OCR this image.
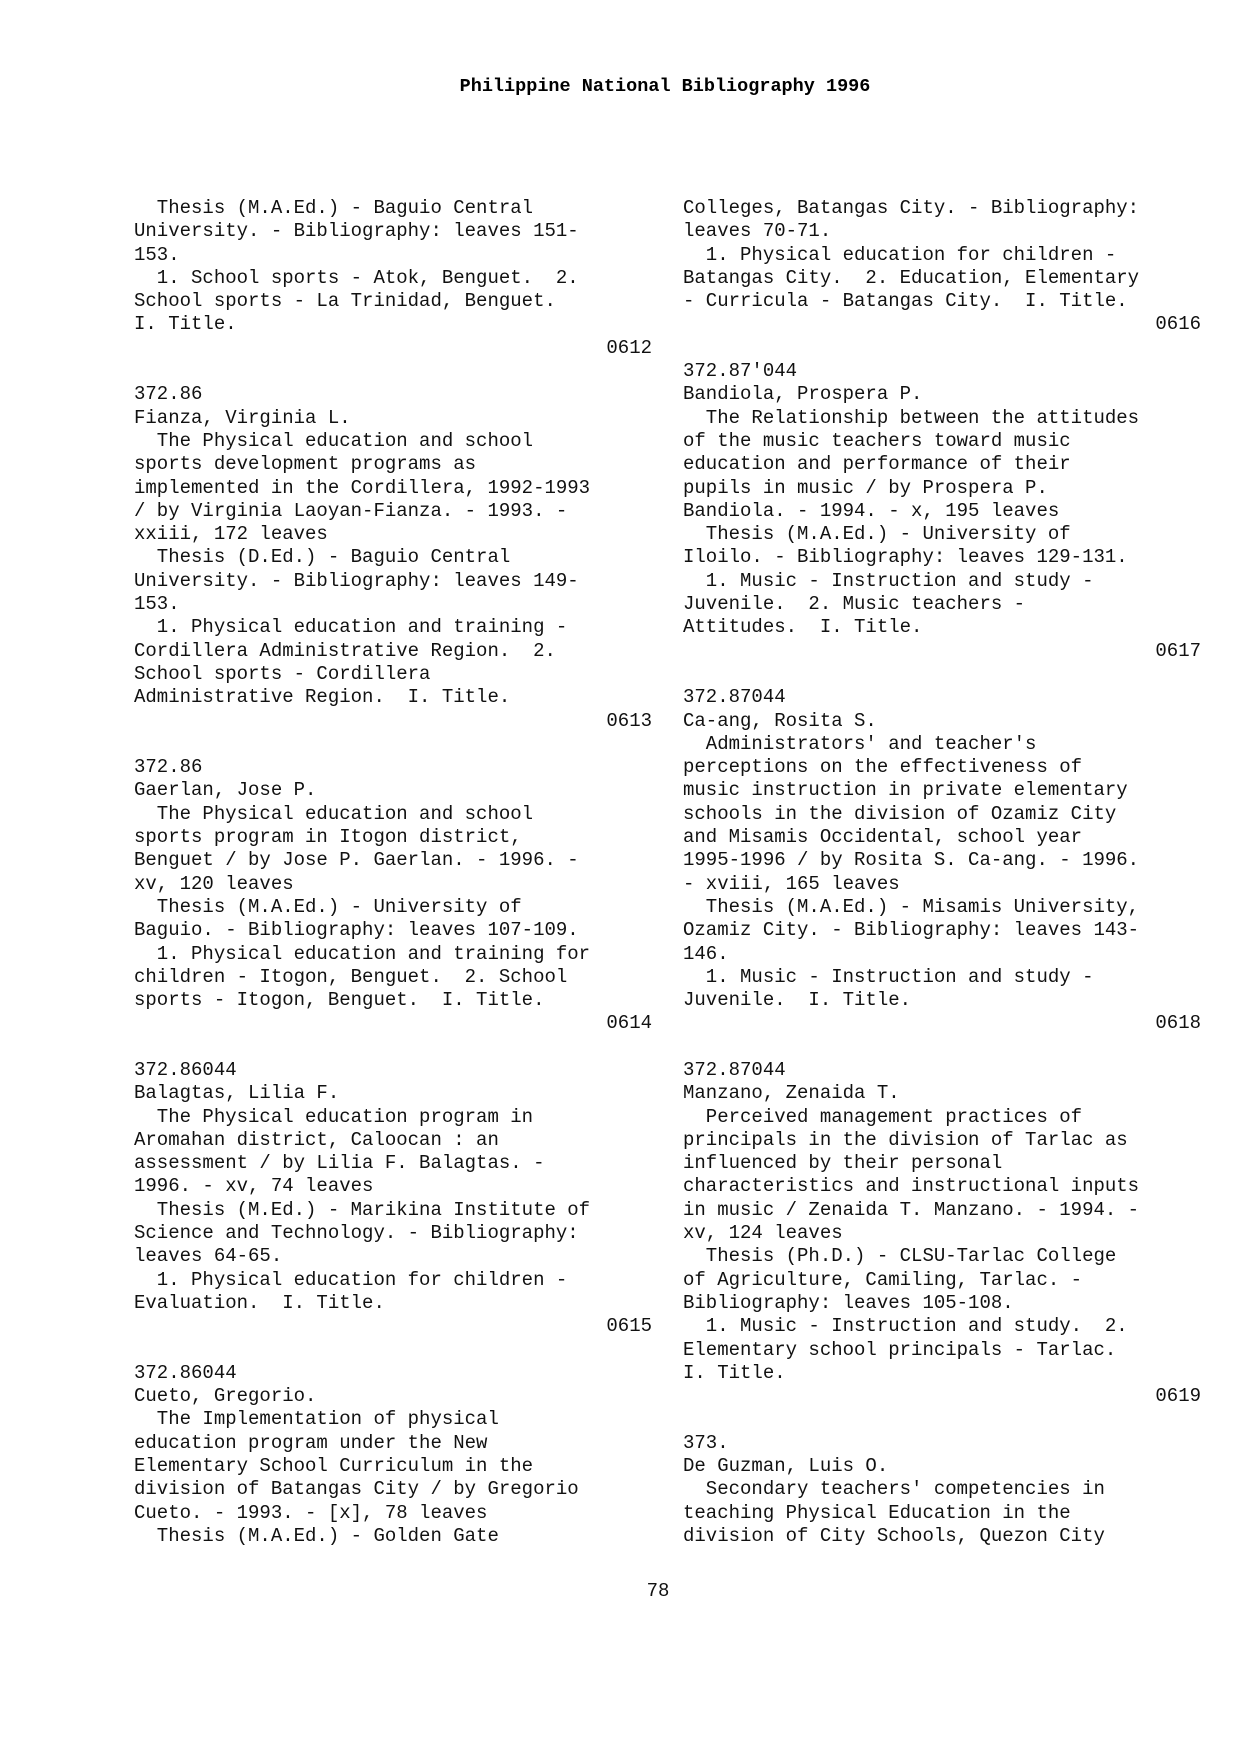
Philippine National Bibliography 1996
Thesis (M.A.Ed.) - Baguio Central
University. - Bibliography: leaves 151-
153.
1. School sports - Atok, Benguet.  2.
School sports - La Trinidad, Benguet.
I. Title.
0612
372.86
Fianza, Virginia L.
The Physical education and school
sports development programs as
implemented in the Cordillera, 1992-1993
/ by Virginia Laoyan-Fianza. - 1993. -
xxiii, 172 leaves
Thesis (D.Ed.) - Baguio Central
University. - Bibliography: leaves 149-
153.
1. Physical education and training -
Cordillera Administrative Region.  2.
School sports - Cordillera
Administrative Region.  I. Title.
0613
372.86
Gaerlan, Jose P.
The Physical education and school
sports program in Itogon district,
Benguet / by Jose P. Gaerlan. - 1996. -
xv, 120 leaves
Thesis (M.A.Ed.) - University of
Baguio. - Bibliography: leaves 107-109.
1. Physical education and training for
children - Itogon, Benguet.  2. School
sports - Itogon, Benguet.  I. Title.
0614
372.86044
Balagtas, Lilia F.
The Physical education program in
Aromahan district, Caloocan : an
assessment / by Lilia F. Balagtas. -
1996. - xv, 74 leaves
Thesis (M.Ed.) - Marikina Institute of
Science and Technology. - Bibliography:
leaves 64-65.
1. Physical education for children -
Evaluation.  I. Title.
0615
372.86044
Cueto, Gregorio.
The Implementation of physical
education program under the New
Elementary School Curriculum in the
division of Batangas City / by Gregorio
Cueto. - 1993. - [x], 78 leaves
Thesis (M.A.Ed.) - Golden Gate
Colleges, Batangas City. - Bibliography:
leaves 70-71.
1. Physical education for children -
Batangas City.  2. Education, Elementary
- Curricula - Batangas City.  I. Title.
0616
372.87'044
Bandiola, Prospera P.
The Relationship between the attitudes
of the music teachers toward music
education and performance of their
pupils in music / by Prospera P.
Bandiola. - 1994. - x, 195 leaves
Thesis (M.A.Ed.) - University of
Iloilo. - Bibliography: leaves 129-131.
1. Music - Instruction and study -
Juvenile.  2. Music teachers -
Attitudes.  I. Title.
0617
372.87044
Ca-ang, Rosita S.
Administrators' and teacher's
perceptions on the effectiveness of
music instruction in private elementary
schools in the division of Ozamiz City
and Misamis Occidental, school year
1995-1996 / by Rosita S. Ca-ang. - 1996.
- xviii, 165 leaves
Thesis (M.A.Ed.) - Misamis University,
Ozamiz City. - Bibliography: leaves 143-
146.
1. Music - Instruction and study -
Juvenile.  I. Title.
0618
372.87044
Manzano, Zenaida T.
Perceived management practices of
principals in the division of Tarlac as
influenced by their personal
characteristics and instructional inputs
in music / Zenaida T. Manzano. - 1994. -
xv, 124 leaves
Thesis (Ph.D.) - CLSU-Tarlac College
of Agriculture, Camiling, Tarlac. -
Bibliography: leaves 105-108.
1. Music - Instruction and study.  2.
Elementary school principals - Tarlac.
I. Title.
0619
373.
De Guzman, Luis O.
Secondary teachers' competencies in
teaching Physical Education in the
division of City Schools, Quezon City
78
